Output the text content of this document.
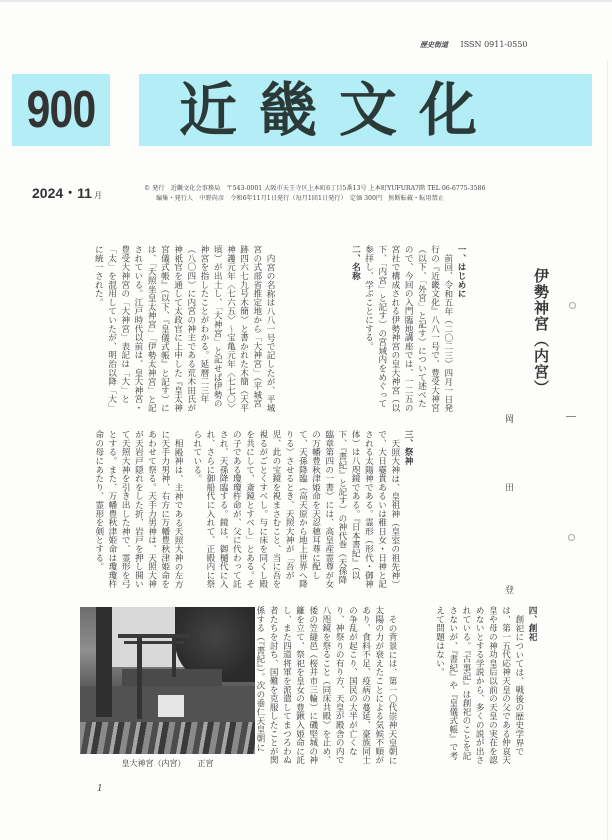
歴史街道 ISSN 0911-0550
900 近畿文化
2024・11 月
© 発行　近畿文化会事務局　〒543-0001 大阪市天王寺区上本町6丁目5番13号 上本町YUFURA7階 TEL 06-6775-3586
編集・発行人　中野尚彦　令和6年11月1日発行（毎月1回1日発行）　定価 300円　無断転載・転用禁止
伊勢神宮（内宮）
岡　田　　登
一、はじめに

前回、令和五年（二〇二三）四月一日発行の『近畿文化』八八一号で、豊受大神宮（以下、「外宮」と記す）について述べたので、今回の入門臨地講座では、一二五の宮社で構成される伊勢神宮の皇大神宮（以下、「内宮」と記す）の宮域内をめぐって参拝し、学ぶことにする。

二、名称

内宮の名称は八八一号で記したが、平城宮の式部省推定地から「大神宮」（平城宮跡四六七九号木簡）と書かれた木簡（天平神護元年〈七六五〉～宝亀元年〈七七〇〉頃）が出土し、「大神宮」と記せば伊勢の神宮を指したことがわかる。延暦二三年（八〇四）に内宮の神主である荒木田氏が神祇官を通して太政官に上申した『皇太神宮儀式帳』（以下、『皇儀式帳』と記す）には、「天照坐皇太神宮」「伊勢太神宮」と記されている。江戸時代以前は、皇大神宮・豊受大神宮の「大神宮」表記は「大」と「太」を混用していたが、明治以降「大」に統一された。

三、祭神

天照大神は、皇祖神（皇室の祖先神）で、大日孁貴あるいは稚日女・日神と記される太陽神である。霊形（形代・御神体）は八咫鏡である。『日本書紀』（以下、『書紀』と記す）の神代巻（天孫降臨章第四の一書）には、高皇産霊尊が女の万幡豊秋津姫命を天忍穂耳尊に配して、天孫降臨（高天原から地上世界へ降りる）させるとき、天照大神が「吾が児、此の宝鏡を視まさむこと、当に吾を視るがごとくすべし。与に床を同くし殿を共にして、斎鏡とすべし」とある。その子である瓊瓊杵命が、父に代わって託され、天孫降臨する。鏡は、御樋代に入れ、さらに御船代に入れて、正殿内に祭られている。

相殿神は、主神である天照大神の左方に天手力男神、右方に万幡豊秋津姫命をあわせて祭る。天手力男神は、天照大神が天岩戸隠れをした折、岩戸を押し開いて天照大神を引き出した神で、霊形を弓とする。また、万幡豊秋津姫命は瓊瓊杵命の母にあたり、霊形を剣とする。

四、創祀

創祀については、戦後の歴史学界では、第一五代応神天皇の父である仲哀天皇や母の神功皇后以前の天皇の実在を認めないとする学説から、多くの説が出されている。『古事記』は創祀のことを記さないが、『書紀』や『皇儀式帳』で考えて問題はない。

その背景には、第一〇代崇神天皇朝に太陽の力が衰えたことによる気候不順があり、食料不足、疫病の蔓延、豪族同士の争乱が起こり、国民の大半が亡くなり、神祭りの有り方、天皇が殿舎の内で八咫鏡を祭ること（同床共殿）を止め、倭の笠縫邑（桜井市三輪）に磯堅城の神籬を立て、祭祀を皇女の豊鍬入姫命に託し、また四道将軍を派遣してまつろわぬ者たちを討ち、国難を克服したことが関係する（『書紀』）。次の垂仁天皇朝に

皇大神宮（内宮）　　正宮
1
